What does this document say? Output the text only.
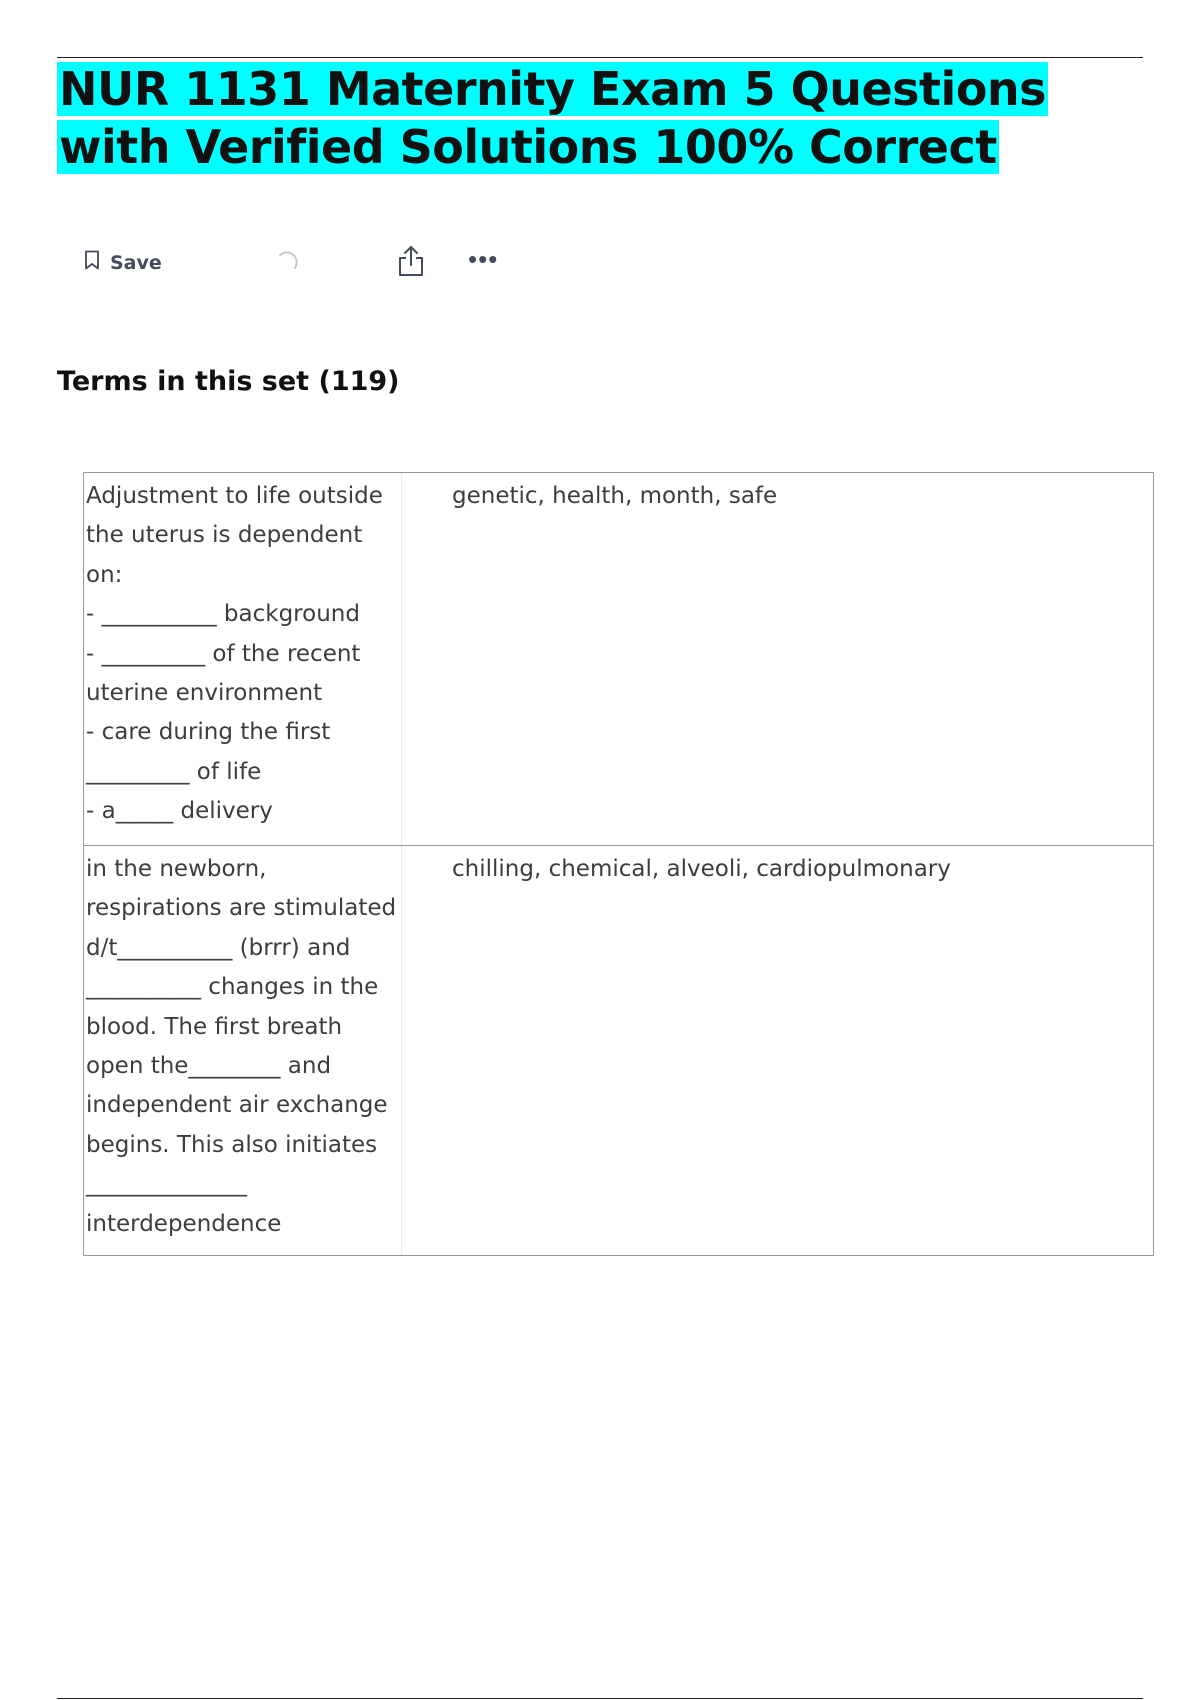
NUR 1131 Maternity Exam 5 Questions with Verified Solutions 100% Correct
Save	•••
Terms in this set (119)
Adjustment to life outside
the uterus is dependent
on:
- __________ background
- _________ of the recent
uterine environment
- care during the first
_________ of life
- a_____ delivery
genetic, health, month, safe
in the newborn,
respirations are stimulated
d/t__________ (brrr) and
__________ changes in the
blood. The first breath
open the________ and
independent air exchange
begins. This also initiates
______________
interdependence
chilling, chemical, alveoli, cardiopulmonary
